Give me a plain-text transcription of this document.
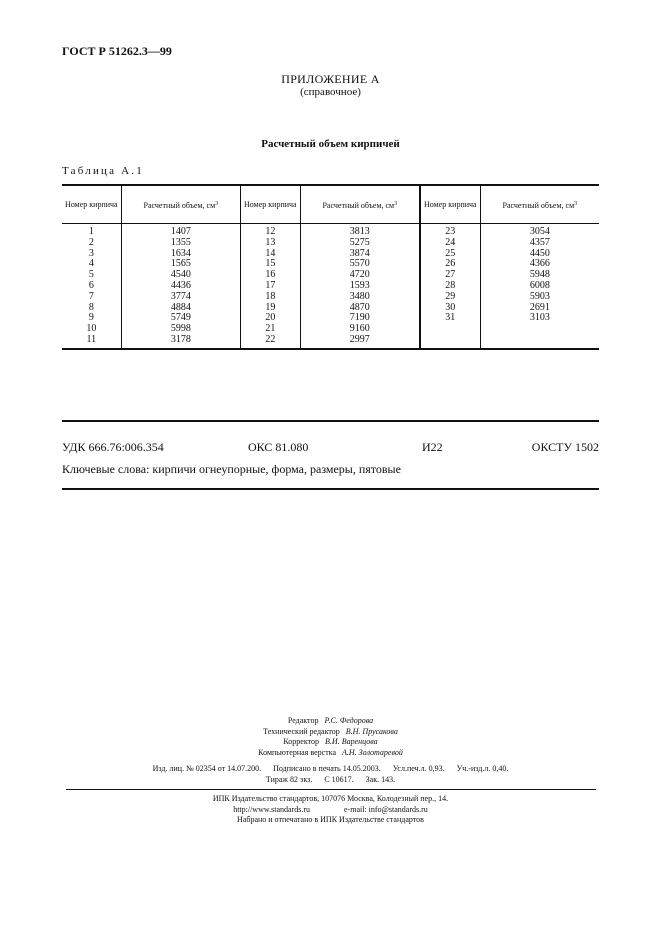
ГОСТ Р 51262.3—99
ПРИЛОЖЕНИЕ А
(справочное)
Расчетный объем кирпичей
Таблица А.1
Номер кирпича	Расчетный объем, $см^3$	Номер кирпича	Расчетный объем, $см^3$	Номер кирпича	Расчетный объем, $см^3$
1	1407	12	3813	23	3054
2	1355	13	5275	24	4357
3	1634	14	3874	25	4450
4	1565	15	5570	26	4366
5	4540	16	4720	27	5948
6	4436	17	1593	28	6008
7	3774	18	3480	29	5903
8	4884	19	4870	30	2691
9	5749	20	7190	31	3103
10	5998	21	9160		
11	3178	22	2997		
УДК 666.76:006.354	ОКС 81.080	И22	ОКСТУ 1502
Ключевые слова: кирпичи огнеупорные, форма, размеры, пятовые
Редактор Р.С. Федорова
Технический редактор В.Н. Прусакова
Корректор В.И. Варенцова
Компьютерная верстка А.Н. Золотаревой
Изд. лиц. № 02354 от 14.07.200. Подписано в печать 14.05.2003. Усл.печ.л. 0,93. Уч.-изд.л. 0,40.
Тираж 82 экз. С 10617. Зак. 143.
ИПК Издательство стандартов, 107076 Москва, Колодезный пер., 14.
http://www.standards.ru	e-mail: info@standards.ru
Набрано и отпечатано в ИПК Издательстве стандартов
